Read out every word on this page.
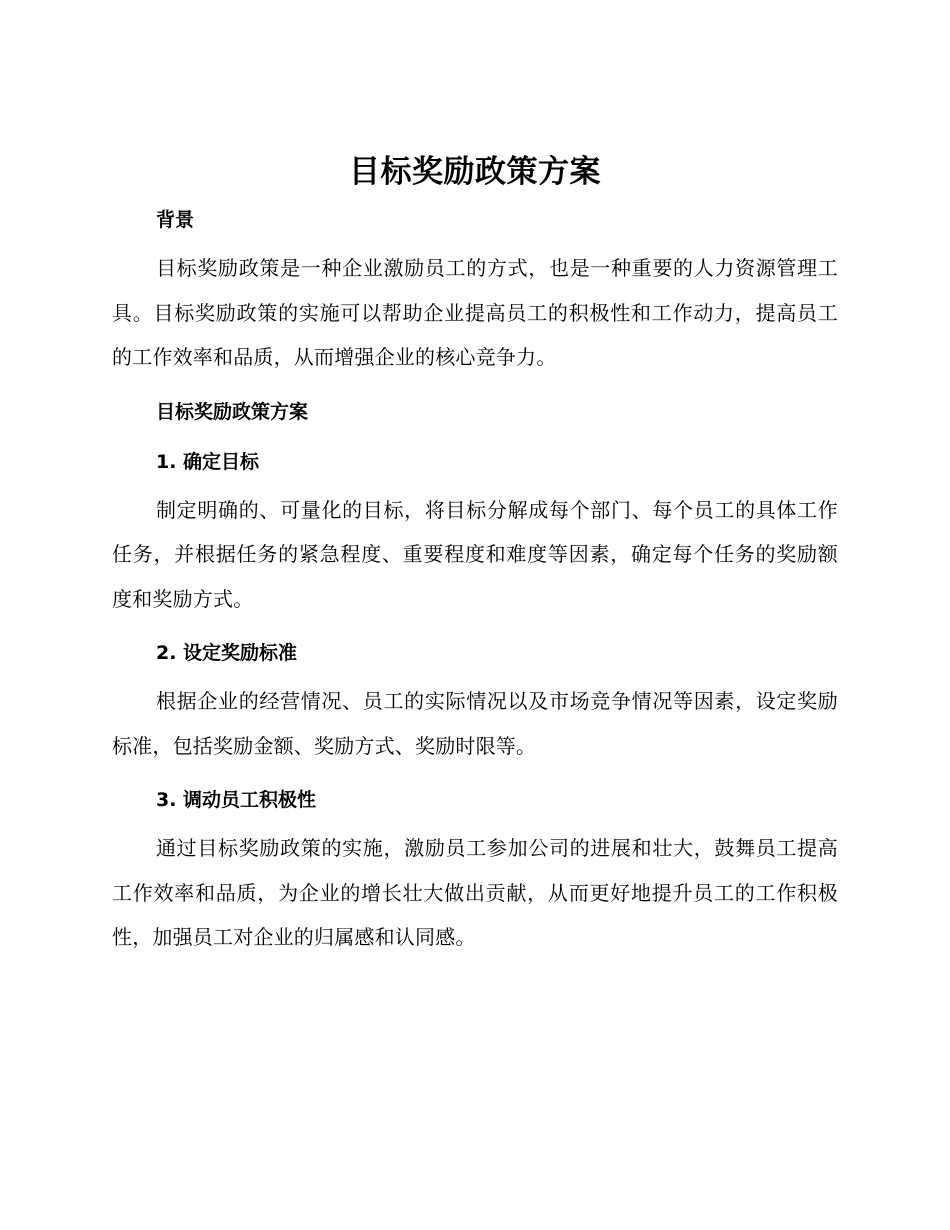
目标奖励政策方案
背景

目标奖励政策是一种企业激励员工的方式，也是一种重要的人力资源管理工具。目标奖励政策的实施可以帮助企业提高员工的积极性和工作动力，提高员工的工作效率和品质，从而增强企业的核心竞争力。

目标奖励政策方案
1. 确定目标

制定明确的、可量化的目标，将目标分解成每个部门、每个员工的具体工作任务，并根据任务的紧急程度、重要程度和难度等因素，确定每个任务的奖励额度和奖励方式。

2. 设定奖励标准

根据企业的经营情况、员工的实际情况以及市场竞争情况等因素，设定奖励标准，包括奖励金额、奖励方式、奖励时限等。

3. 调动员工积极性

通过目标奖励政策的实施，激励员工参加公司的进展和壮大，鼓舞员工提高工作效率和品质，为企业的增长壮大做出贡献，从而更好地提升员工的工作积极性，加强员工对企业的归属感和认同感。
